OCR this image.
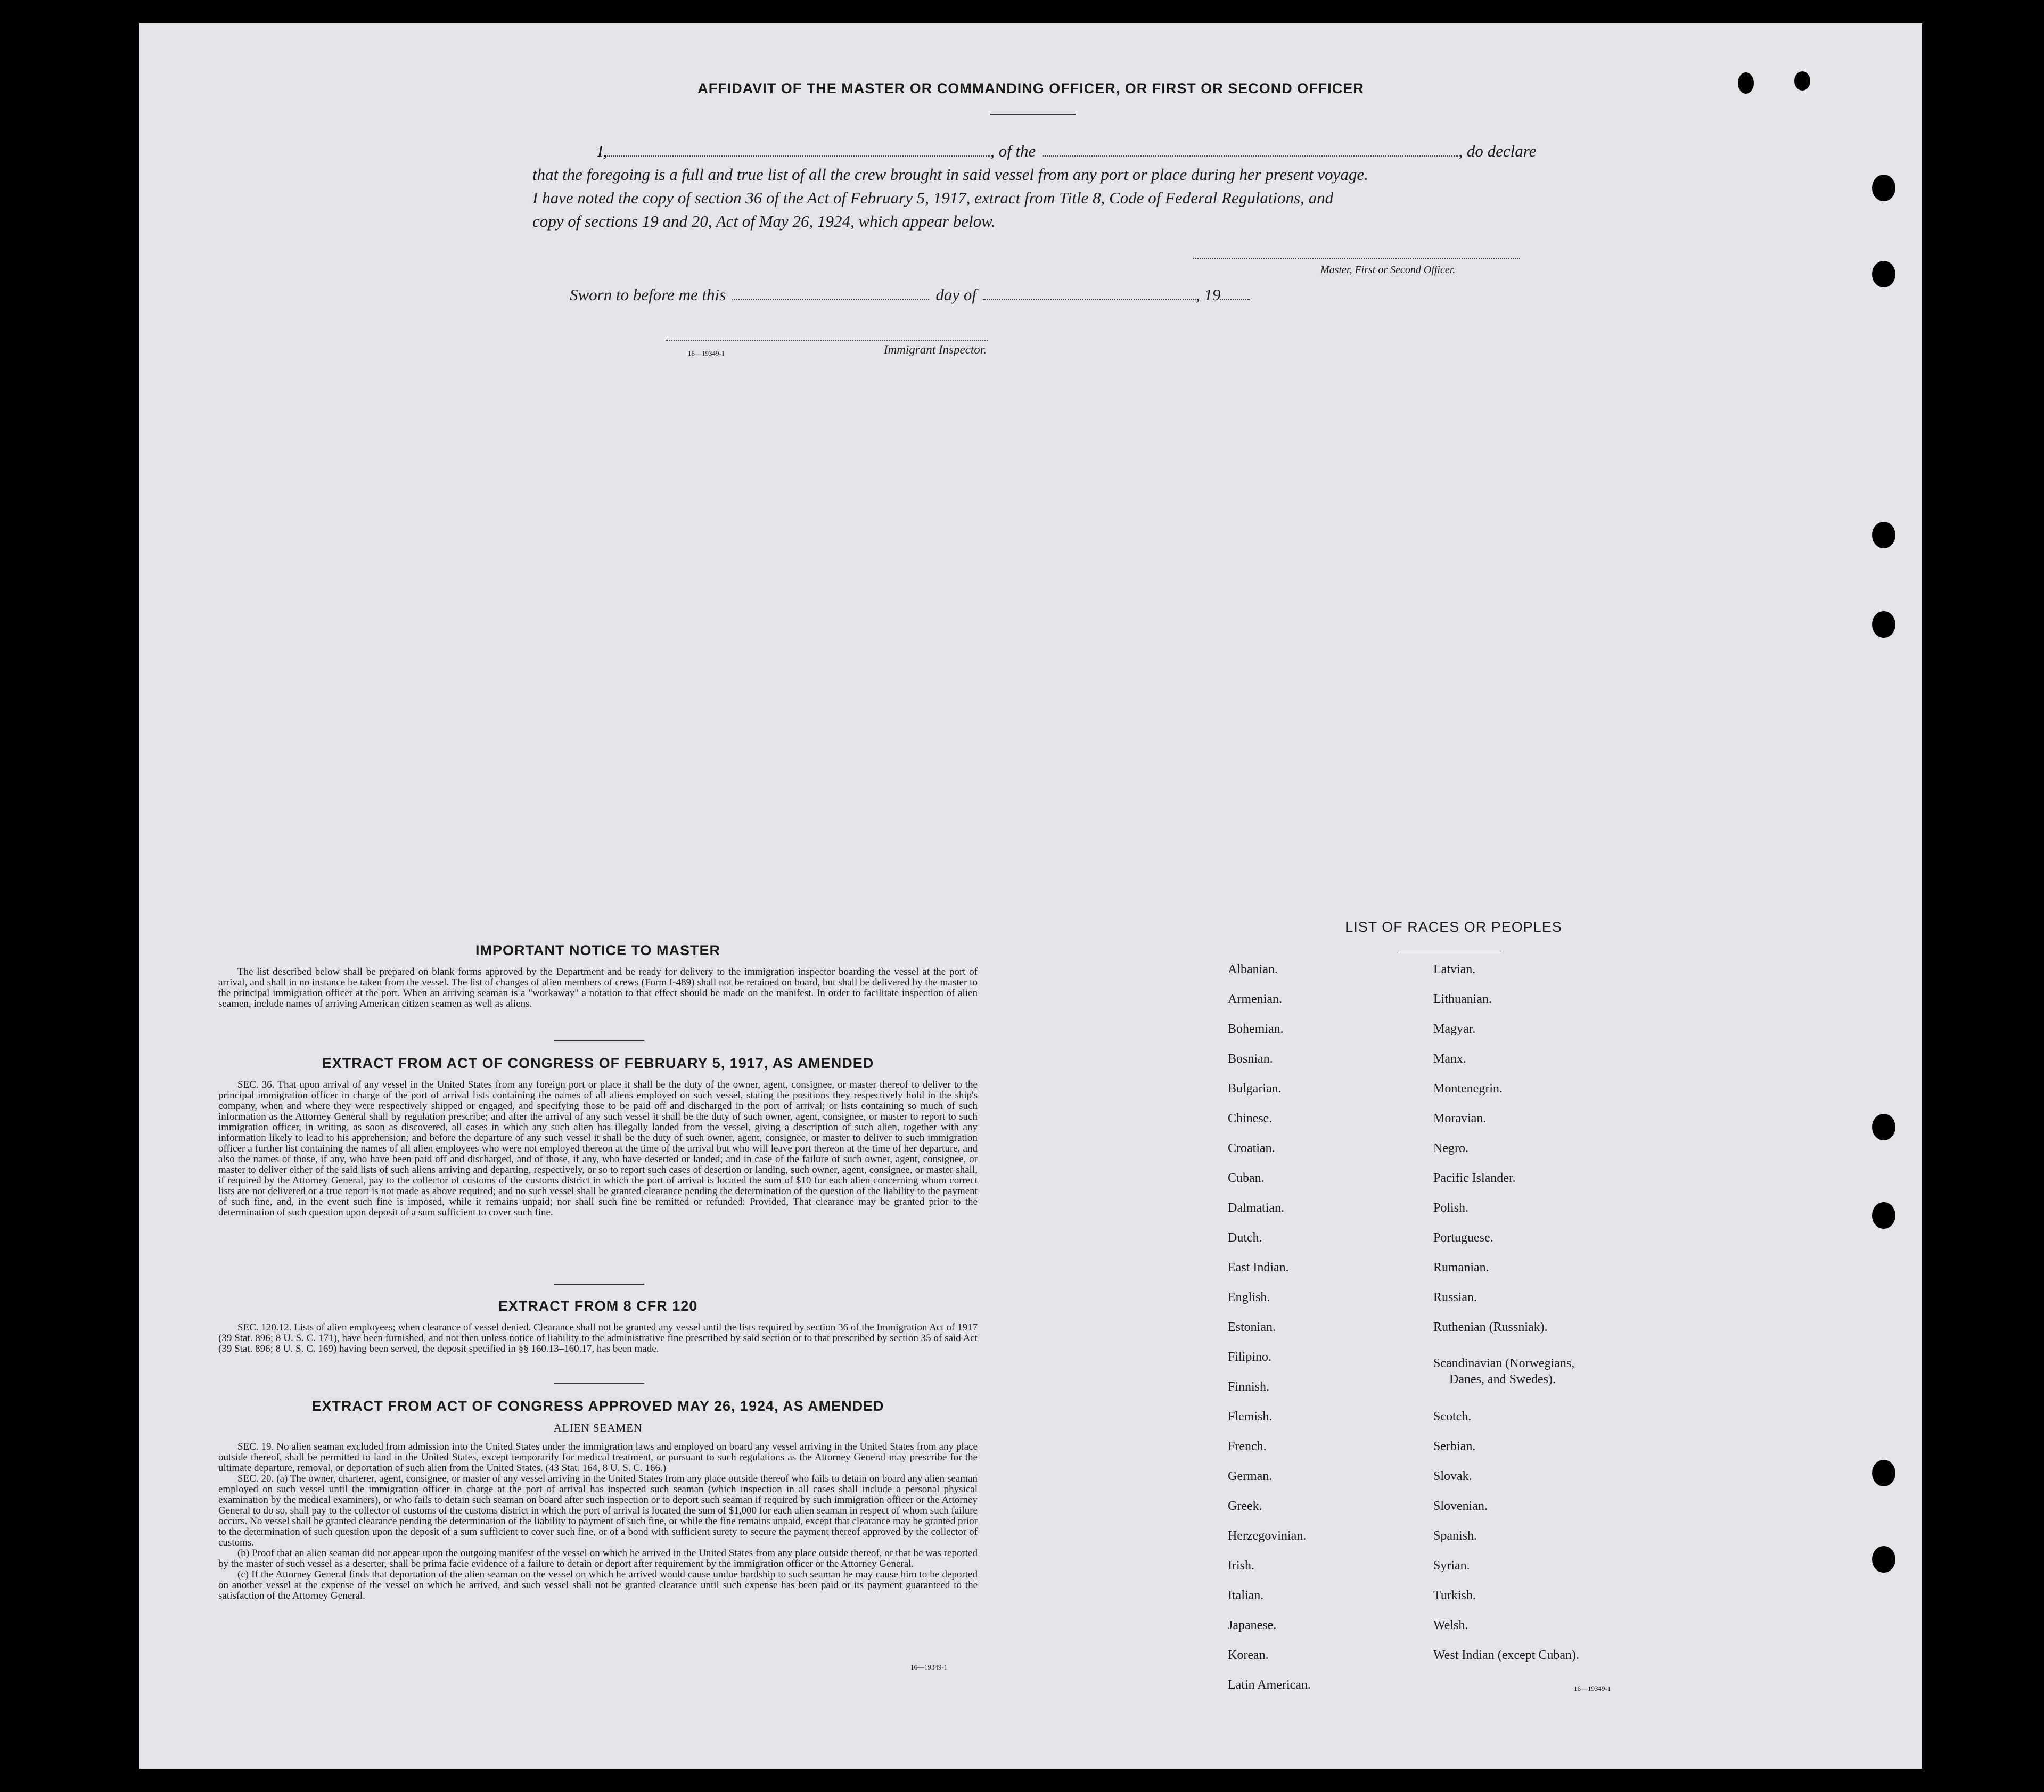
AFFIDAVIT OF THE MASTER OR COMMANDING OFFICER, OR FIRST OR SECOND OFFICER
I,	, of the	, do declare
that the foregoing is a full and true list of all the crew brought in said vessel from any port or place during her present voyage.
I have noted the copy of section 36 of the Act of February 5, 1917, extract from Title 8, Code of Federal Regulations, and
copy of sections 19 and 20, Act of May 26, 1924, which appear below.
Master, First or Second Officer.
Sworn to before me this	day of	, 19
16—19349-1	Immigrant Inspector.
IMPORTANT NOTICE TO MASTER

The list described below shall be prepared on blank forms approved by the Department and be ready for delivery to the immigration inspector boarding the vessel at the port of arrival, and shall in no instance be taken from the vessel. The list of changes of alien members of crews (Form I-489) shall not be retained on board, but shall be delivered by the master to the principal immigration officer at the port. When an arriving seaman is a "workaway" a notation to that effect should be made on the manifest. In order to facilitate inspection of alien seamen, include names of arriving American citizen seamen as well as aliens.

EXTRACT FROM ACT OF CONGRESS OF FEBRUARY 5, 1917, AS AMENDED

SEC. 36. That upon arrival of any vessel in the United States from any foreign port or place it shall be the duty of the owner, agent, consignee, or master thereof to deliver to the principal immigration officer in charge of the port of arrival lists containing the names of all aliens employed on such vessel, stating the positions they respectively hold in the ship's company, when and where they were respectively shipped or engaged, and specifying those to be paid off and discharged in the port of arrival; or lists containing so much of such information as the Attorney General shall by regulation prescribe; and after the arrival of any such vessel it shall be the duty of such owner, agent, consignee, or master to report to such immigration officer, in writing, as soon as discovered, all cases in which any such alien has illegally landed from the vessel, giving a description of such alien, together with any information likely to lead to his apprehension; and before the departure of any such vessel it shall be the duty of such owner, agent, consignee, or master to deliver to such immigration officer a further list containing the names of all alien employees who were not employed thereon at the time of the arrival but who will leave port thereon at the time of her departure, and also the names of those, if any, who have been paid off and discharged, and of those, if any, who have deserted or landed; and in case of the failure of such owner, agent, consignee, or master to deliver either of the said lists of such aliens arriving and departing, respectively, or so to report such cases of desertion or landing, such owner, agent, consignee, or master shall, if required by the Attorney General, pay to the collector of customs of the customs district in which the port of arrival is located the sum of $10 for each alien concerning whom correct lists are not delivered or a true report is not made as above required; and no such vessel shall be granted clearance pending the determination of the question of the liability to the payment of such fine, and, in the event such fine is imposed, while it remains unpaid; nor shall such fine be remitted or refunded: Provided, That clearance may be granted prior to the determination of such question upon deposit of a sum sufficient to cover such fine.

EXTRACT FROM 8 CFR 120

SEC. 120.12. Lists of alien employees; when clearance of vessel denied. Clearance shall not be granted any vessel until the lists required by section 36 of the Immigration Act of 1917 (39 Stat. 896; 8 U. S. C. 171), have been furnished, and not then unless notice of liability to the administrative fine prescribed by said section or to that prescribed by section 35 of said Act (39 Stat. 896; 8 U. S. C. 169) having been served, the deposit specified in §§ 160.13–160.17, has been made.

EXTRACT FROM ACT OF CONGRESS APPROVED MAY 26, 1924, AS AMENDED
ALIEN SEAMEN

SEC. 19. No alien seaman excluded from admission into the United States under the immigration laws and employed on board any vessel arriving in the United States from any place outside thereof, shall be permitted to land in the United States, except temporarily for medical treatment, or pursuant to such regulations as the Attorney General may prescribe for the ultimate departure, removal, or deportation of such alien from the United States. (43 Stat. 164, 8 U. S. C. 166.)

SEC. 20. (a) The owner, charterer, agent, consignee, or master of any vessel arriving in the United States from any place outside thereof who fails to detain on board any alien seaman employed on such vessel until the immigration officer in charge at the port of arrival has inspected such seaman (which inspection in all cases shall include a personal physical examination by the medical examiners), or who fails to detain such seaman on board after such inspection or to deport such seaman if required by such immigration officer or the Attorney General to do so, shall pay to the collector of customs of the customs district in which the port of arrival is located the sum of $1,000 for each alien seaman in respect of whom such failure occurs. No vessel shall be granted clearance pending the determination of the liability to payment of such fine, or while the fine remains unpaid, except that clearance may be granted prior to the determination of such question upon the deposit of a sum sufficient to cover such fine, or of a bond with sufficient surety to secure the payment thereof approved by the collector of customs.

(b) Proof that an alien seaman did not appear upon the outgoing manifest of the vessel on which he arrived in the United States from any place outside thereof, or that he was reported by the master of such vessel as a deserter, shall be prima facie evidence of a failure to detain or deport after requirement by the immigration officer or the Attorney General.

(c) If the Attorney General finds that deportation of the alien seaman on the vessel on which he arrived would cause undue hardship to such seaman he may cause him to be deported on another vessel at the expense of the vessel on which he arrived, and such vessel shall not be granted clearance until such expense has been paid or its payment guaranteed to the satisfaction of the Attorney General.

16—19349-1
LIST OF RACES OR PEOPLES
Albanian.
Armenian.
Bohemian.
Bosnian.
Bulgarian.
Chinese.
Croatian.
Cuban.
Dalmatian.
Dutch.
East Indian.
English.
Estonian.
Filipino.
Finnish.
Flemish.
French.
German.
Greek.
Herzegovinian.
Irish.
Italian.
Japanese.
Korean.
Latin American.
Latvian.
Lithuanian.
Magyar.
Manx.
Montenegrin.
Moravian.
Negro.
Pacific Islander.
Polish.
Portuguese.
Rumanian.
Russian.
Ruthenian (Russniak).
Scandinavian (Norwegians,
Danes, and Swedes).
Scotch.
Serbian.
Slovak.
Slovenian.
Spanish.
Syrian.
Turkish.
Welsh.
West Indian (except Cuban).
16—19349-1
